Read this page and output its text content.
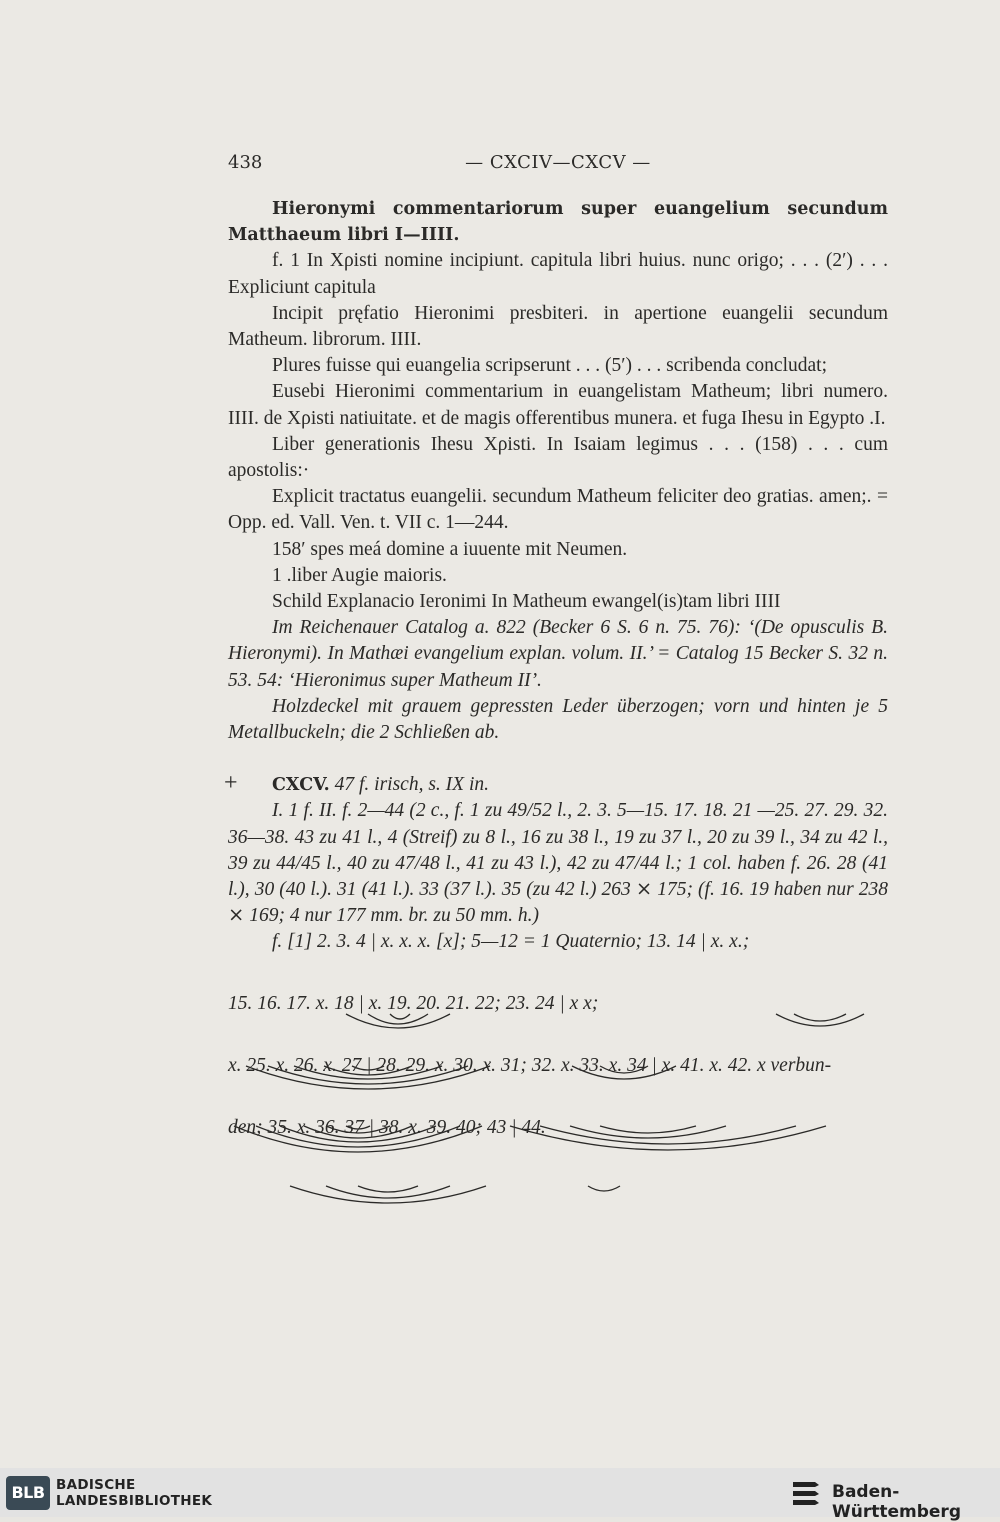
438	— CXCIV—CXCV —

Hieronymi commentariorum super euangelium secundum Matthaeum libri I—IIII.

f. 1 In Xρisti nomine incipiunt. capitula libri huius. nunc origo; . . . (2′) . . . Expliciunt capitula

Incipit pręfatio Hieronimi presbiteri. in apertione euangelii secundum Matheum. librorum. IIII.

Plures fuisse qui euangelia scripserunt . . . (5′) . . . scribenda concludat;

Eusebi Hieronimi commentarium in euangelistam Matheum; libri numero. IIII. de Xρisti natiuitate. et de magis offerentibus munera. et fuga Ihesu in Egypto .I.

Liber generationis Ihesu Xρisti. In Isaiam legimus . . . (158) . . . cum apostolis:·

Explicit tractatus euangelii. secundum Matheum feliciter deo gratias. amen;. = Opp. ed. Vall. Ven. t. VII c. 1—244.

158′ spes meá domine a iuuente mit Neumen.

1 .liber Augie maioris.

Schild Explanacio Ieronimi In Matheum ewangel(is)tam libri IIII

Im Reichenauer Catalog a. 822 (Becker 6 S. 6 n. 75. 76): ‘(De opusculis B. Hieronymi). In Mathæi evangelium explan. volum. II.’ = Catalog 15 Becker S. 32 n. 53. 54: ‘Hieronimus super Matheum II’.

Holzdeckel mit grauem gepressten Leder überzogen; vorn und hinten je 5 Metallbuckeln; die 2 Schließen ab.

+ CXCV. 47 f. irisch, s. IX in.

I. 1 f. II. f. 2—44 (2 c., f. 1 zu 49/52 l., 2. 3. 5—15. 17. 18. 21 —25. 27. 29. 32. 36—38. 43 zu 41 l., 4 (Streif) zu 8 l., 16 zu 38 l., 19 zu 37 l., 20 zu 39 l., 34 zu 42 l., 39 zu 44/45 l., 40 zu 47/48 l., 41 zu 43 l.), 42 zu 47/44 l.; 1 col. haben f. 26. 28 (41 l.), 30 (40 l.). 31 (41 l.). 33 (37 l.). 35 (zu 42 l.) 263 ⨯ 175; (f. 16. 19 haben nur 238 ⨯ 169; 4 nur 177 mm. br. zu 50 mm. h.)

f. [1] 2. 3. 4 | x. x. x. [x]; 5—12 = 1 Quaternio; 13. 14 | x. x.;

15. 16. 17. x. 18 | x. 19. 20. 21. 22; 23. 24 | x x;

x. 25. x. 26. x. 27 | 28. 29. x. 30. x. 31; 32. x. 33. x. 34 | x. 41. x. 42. x verbun-

den; 35. x. 36. 37 | 38. x. 39. 40; 43 | 44.

BLB BADISCHE
LANDESBIBLIOTHEK	Baden-Württemberg
